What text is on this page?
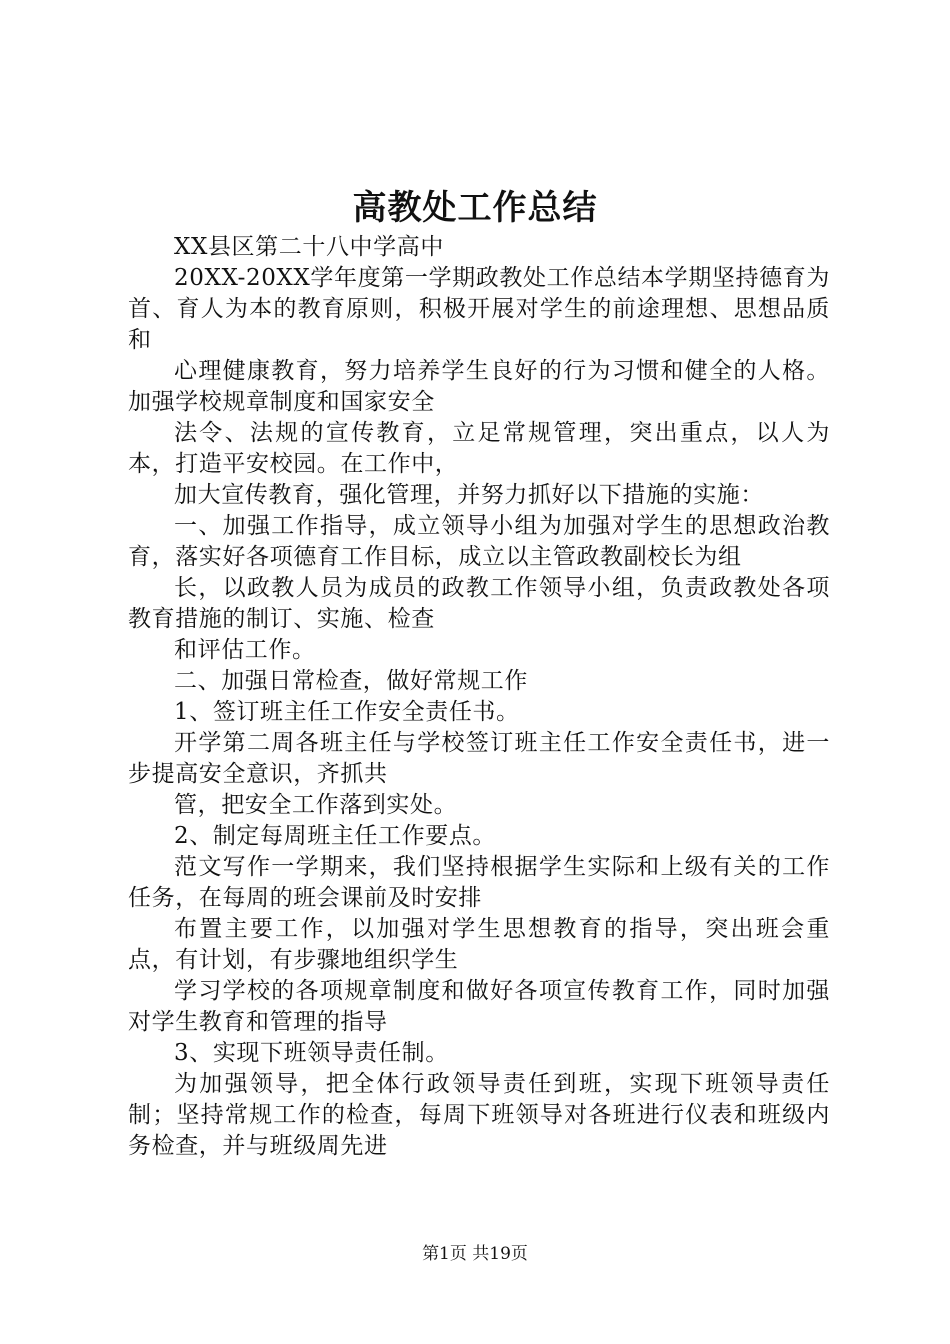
高教处工作总结

XX县区第二十八中学高中

20XX-20XX学年度第一学期政教处工作总结本学期坚持德育为首、育人为本的教育原则，积极开展对学生的前途理想、思想品质和

心理健康教育，努力培养学生良好的行为习惯和健全的人格。加强学校规章制度和国家安全

法令、法规的宣传教育，立足常规管理，突出重点，以人为本，打造平安校园。在工作中，

加大宣传教育，强化管理，并努力抓好以下措施的实施：

一、加强工作指导，成立领导小组为加强对学生的思想政治教育，落实好各项德育工作目标，成立以主管政教副校长为组

长，以政教人员为成员的政教工作领导小组，负责政教处各项教育措施的制订、实施、检查

和评估工作。

二、加强日常检查，做好常规工作

1、签订班主任工作安全责任书。

开学第二周各班主任与学校签订班主任工作安全责任书，进一步提高安全意识，齐抓共

管，把安全工作落到实处。

2、制定每周班主任工作要点。

范文写作一学期来，我们坚持根据学生实际和上级有关的工作任务，在每周的班会课前及时安排

布置主要工作，以加强对学生思想教育的指导，突出班会重点，有计划，有步骤地组织学生

学习学校的各项规章制度和做好各项宣传教育工作，同时加强对学生教育和管理的指导

3、实现下班领导责任制。

为加强领导，把全体行政领导责任到班，实现下班领导责任制；坚持常规工作的检查，每周下班领导对各班进行仪表和班级内务检查，并与班级周先进

第1页 共19页
